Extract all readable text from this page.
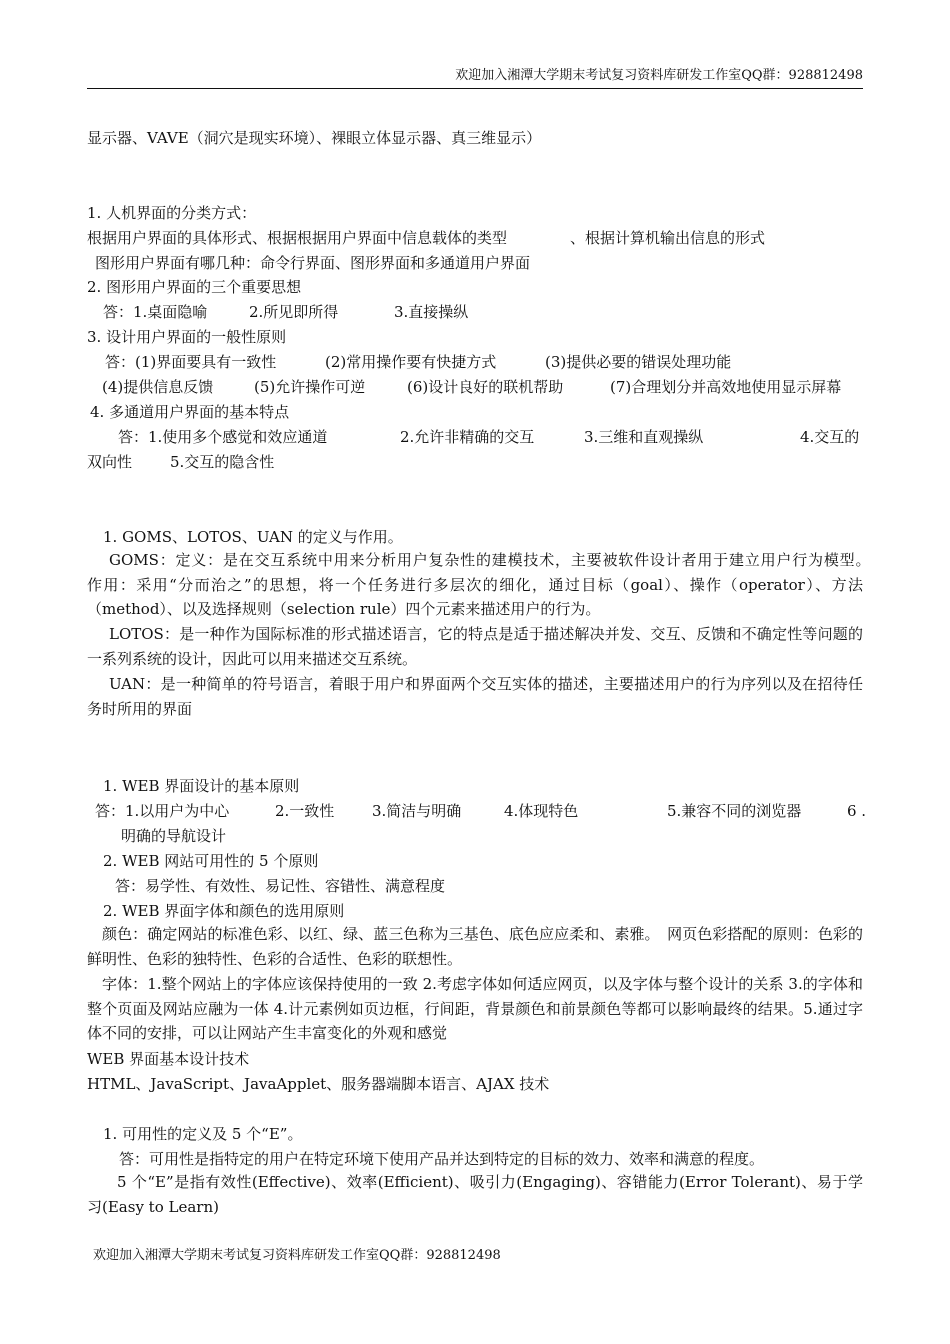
欢迎加入湘潭大学期末考试复习资料库研发工作室QQ群：928812498
显示器、VAVE（洞穴是现实环境）、裸眼立体显示器、真三维显示）
1. 人机界面的分类方式：
根据用户界面的具体形式、根据根据用户界面中信息载体的类型	、根据计算机输出信息的形式
图形用户界面有哪几种：命令行界面、图形界面和多通道用户界面
2. 图形用户界面的三个重要思想
答：1.桌面隐喻	2.所见即所得	3.直接操纵
3. 设计用户界面的一般性原则
答：(1)界面要具有一致性	(2)常用操作要有快捷方式	(3)提供必要的错误处理功能
(4)提供信息反馈	(5)允许操作可逆	(6)设计良好的联机帮助	(7)合理划分并高效地使用显示屏幕
4. 多通道用户界面的基本特点
答：1.使用多个感觉和效应通道	2.允许非精确的交互	3.三维和直观操纵	4.交互的
双向性	5.交互的隐含性
1. GOMS、LOTOS、UAN 的定义与作用。
GOMS：定义：是在交互系统中用来分析用户复杂性的建模技术，主要被软件设计者用于建立用户行为模型。　　　　作用：采用“分而治之”的思想，将一个任务进行多层次的细化，通过目标（goal）、操作（operator）、方法（method）、以及选择规则（selection rule）四个元素来描述用户的行为。
LOTOS：是一种作为国际标准的形式描述语言，它的特点是适于描述解决并发、交互、反馈和不确定性等问题的一系列系统的设计，因此可以用来描述交互系统。
UAN：是一种简单的符号语言，着眼于用户和界面两个交互实体的描述，主要描述用户的行为序列以及在招待任务时所用的界面
1. WEB 界面设计的基本原则
答：1.以用户为中心	2.一致性	3.简洁与明确	4.体现特色	5.兼容不同的浏览器	6 .
明确的导航设计
2. WEB 网站可用性的 5 个原则
答：易学性、有效性、易记性、容错性、满意程度
2. WEB 界面字体和颜色的选用原则
颜色：确定网站的标准色彩、以红、绿、蓝三色称为三基色、底色应应柔和、素雅。　网页色彩搭配的原则：色彩的鲜明性、色彩的独特性、色彩的合适性、色彩的联想性。
字体：1.整个网站上的字体应该保持使用的一致 2.考虑字体如何适应网页，以及字体与整个设计的关系 3.的字体和整个页面及网站应融为一体 4.计元素例如页边框，行间距，背景颜色和前景颜色等都可以影响最终的结果。5.通过字体不同的安排，可以让网站产生丰富变化的外观和感觉
WEB 界面基本设计技术
HTML、JavaScript、JavaApplet、服务器端脚本语言、AJAX 技术
1. 可用性的定义及 5 个“E”。
答：可用性是指特定的用户在特定环境下使用产品并达到特定的目标的效力、效率和满意的程度。
5 个“E”是指有效性(Effective)、效率(Efficient)、吸引力(Engaging)、容错能力(Error Tolerant)、易于学习(Easy to Learn)
欢迎加入湘潭大学期末考试复习资料库研发工作室QQ群：928812498
